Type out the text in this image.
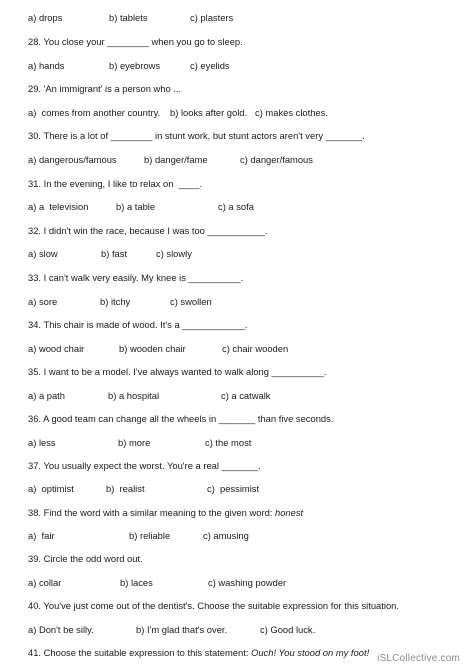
a) drops	b) tablets	c) plasters
28. You close your ________ when you go to sleep.
a) hands	b) eyebrows	c) eyelids
29. 'An immigrant' is a person who ...
a)  comes from another country. b) looks after gold. c) makes clothes.
30. There is a lot of ________ in stunt work, but stunt actors aren't very _______.
a) dangerous/famous	b) danger/fame	c) danger/famous
31. In the evening, I like to relax on  ____.
a) a  television	b) a table	c) a sofa
32. I didn't win the race, because I was too ___________.
a) slow	b) fast	c) slowly
33. I can't walk very easily. My knee is __________.
a) sore	b) itchy	c) swollen
34. This chair is made of wood. It's a ____________.
a) wood chair	b) wooden chair	c) chair wooden
35. I want to be a model. I've always wanted to walk along __________.
a) a path	b) a hospital	c) a catwalk
36. A good team can change all the wheels in _______ than five seconds.
a) less	b) more	c) the most
37. You usually expect the worst. You're a real _______.
a)  optimist	b)  realist	c)  pessimist
38. Find the word with a similar meaning to the given word: honest
a)  fair	b) reliable	c) amusing
39. Circle the odd word out.
a) collar	b) laces	c) washing powder
40. You've just come out of the dentist's. Choose the suitable expression for this situation.
a) Don't be silly.	b) I'm glad that's over.	c) Good luck.
41. Choose the suitable expression to this statement: Ouch! You stood on my foot!
iSLCollective.com
